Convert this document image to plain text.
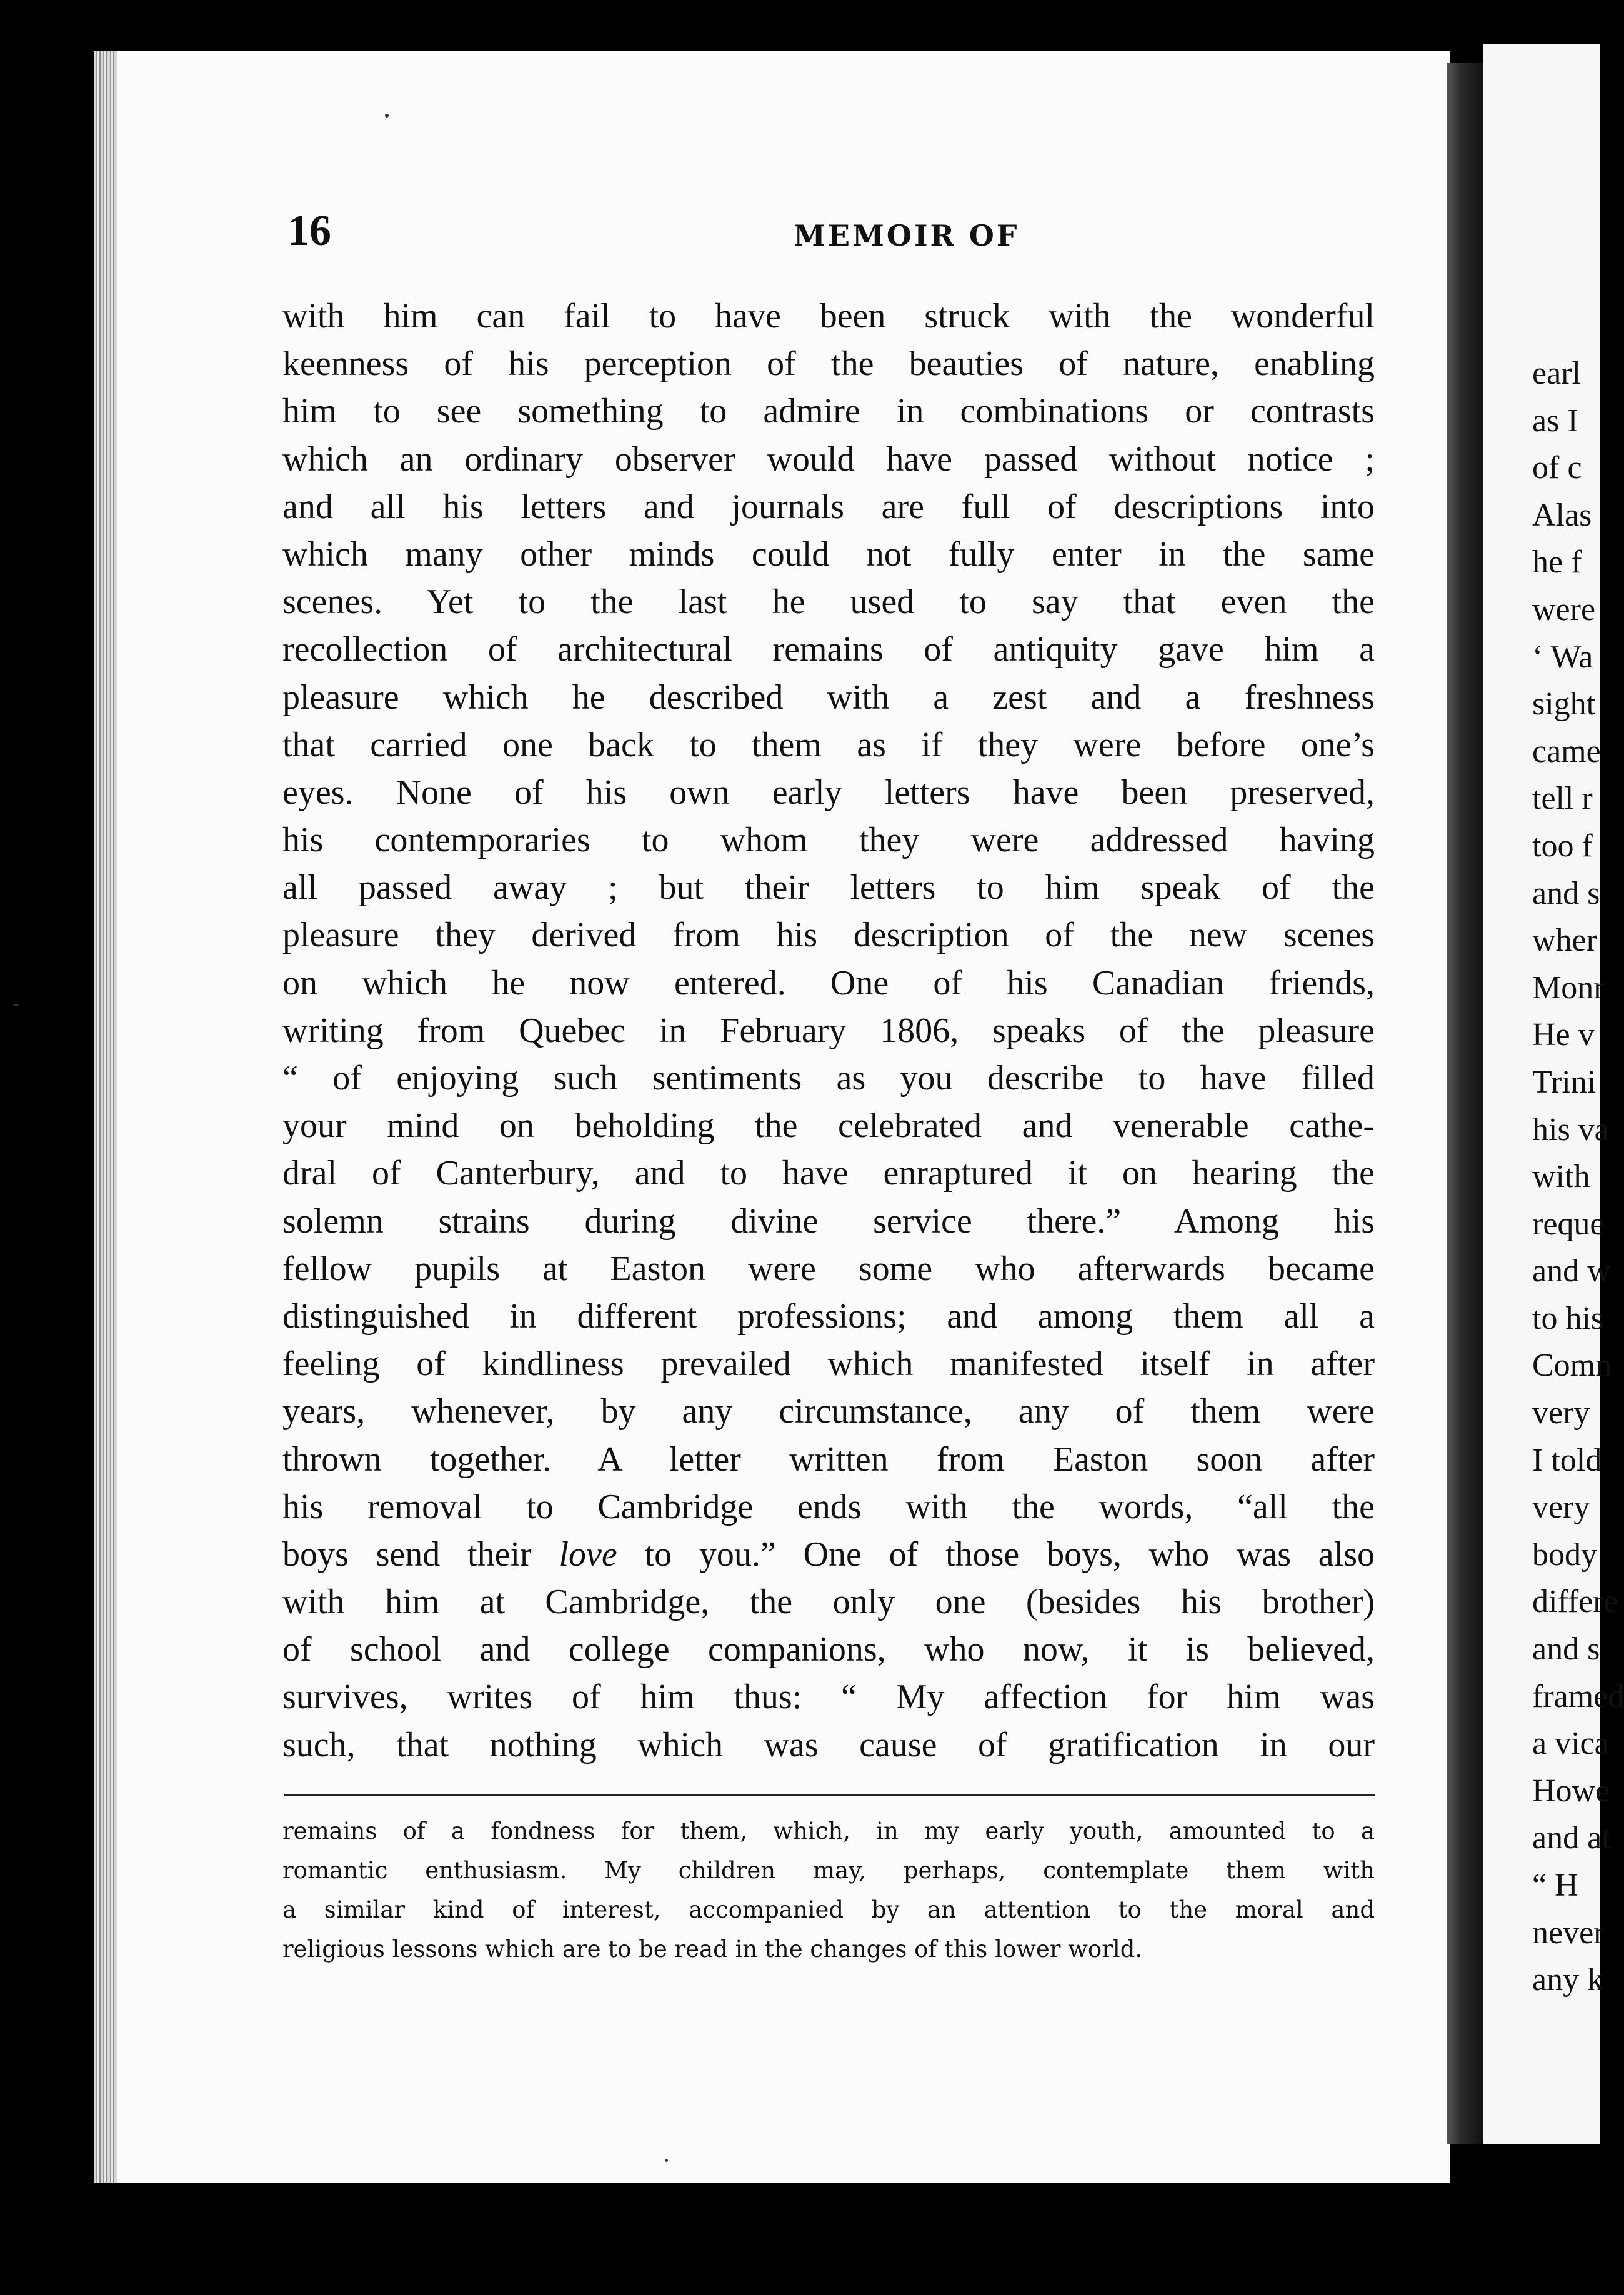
16	MEMOIR OF
with him can fail to have been struck with the wonderful
keenness of his perception of the beauties of nature, enabling
him to see something to admire in combinations or contrasts
which an ordinary observer would have passed without notice ;
and all his letters and journals are full of descriptions into
which many other minds could not fully enter in the same
scenes. Yet to the last he used to say that even the
recollection of architectural remains of antiquity gave him a
pleasure which he described with a zest and a freshness
that carried one back to them as if they were before one’s
eyes. None of his own early letters have been preserved,
his contemporaries to whom they were addressed having
all passed away ; but their letters to him speak of the
pleasure they derived from his description of the new scenes
on which he now entered. One of his Canadian friends,
writing from Quebec in February 1806, speaks of the pleasure
“ of enjoying such sentiments as you describe to have filled
your mind on beholding the celebrated and venerable cathe-
dral of Canterbury, and to have enraptured it on hearing the
solemn strains during divine service there.” Among his
fellow pupils at Easton were some who afterwards became
distinguished in different professions; and among them all a
feeling of kindliness prevailed which manifested itself in after
years, whenever, by any circumstance, any of them were
thrown together. A letter written from Easton soon after
his removal to Cambridge ends with the words, “all the
boys send their love to you.” One of those boys, who was also
with him at Cambridge, the only one (besides his brother)
of school and college companions, who now, it is believed,
survives, writes of him thus: “ My affection for him was
such, that nothing which was cause of gratification in our
remains of a fondness for them, which, in my early youth, amounted to a
romantic enthusiasm. My children may, perhaps, contemplate them with
a similar kind of interest, accompanied by an attention to the moral and
religious lessons which are to be read in the changes of this lower world.
earl
as I
of c
Alas
he f
were
‘ Wa
sight
came
tell r
too f
and s
wher
Monr
He v
Trini
his va
with
reque
and w
to his
Comn
very
I told
very
body
differe
and s
framed
a vica
Howe
and at
“ H
never
any k
